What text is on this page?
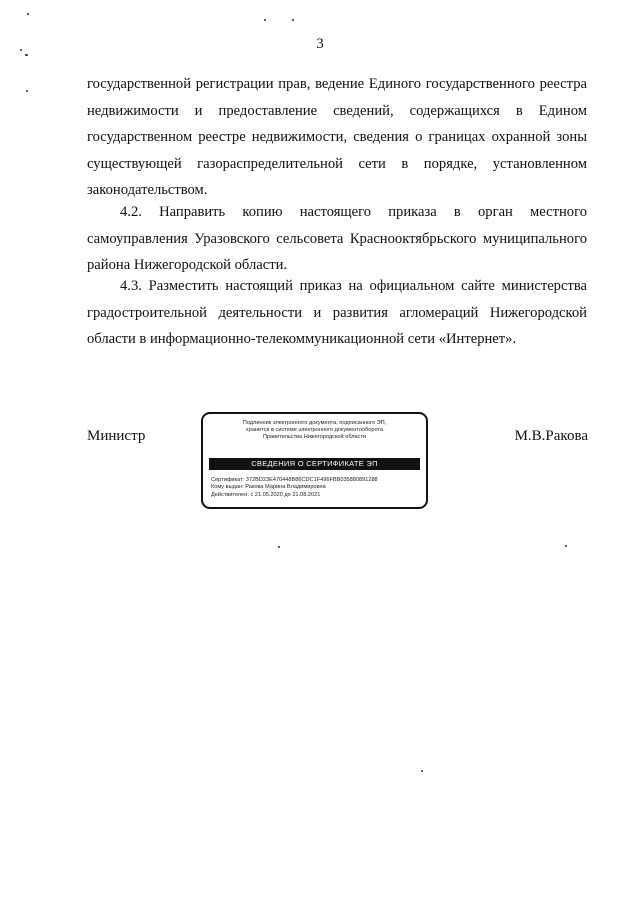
3

государственной регистрации прав, ведение Единого государственного реестра недвижимости и предоставление сведений, содержащихся в Едином государственном реестре недвижимости, сведения о границах охранной зоны существующей газораспределительной сети в порядке, установленном законодательством.

4.2. Направить копию настоящего приказа в орган местного самоуправления Уразовского сельсовета Краснооктябрьского муниципального района Нижегородской области.

4.3. Разместить настоящий приказ на официальном сайте министерства градостроительной деятельности и развития агломераций Нижегородской области в информационно-телекоммуникационной сети «Интернет».

Министр	М.В.Ракова
Подлинник электронного документа, подписанного ЭП,
хранится в системе электронного документооборота
Правительства Нижегородской области
СВЕДЕНИЯ О СЕРТИФИКАТЕ ЭП
Сертификат: 372BD23E470448B86CDC1F496FBB035880891288
Кому выдан: Ракова Марина Владимировна
Действителен: с 21.05.2020 до 21.08.2021
